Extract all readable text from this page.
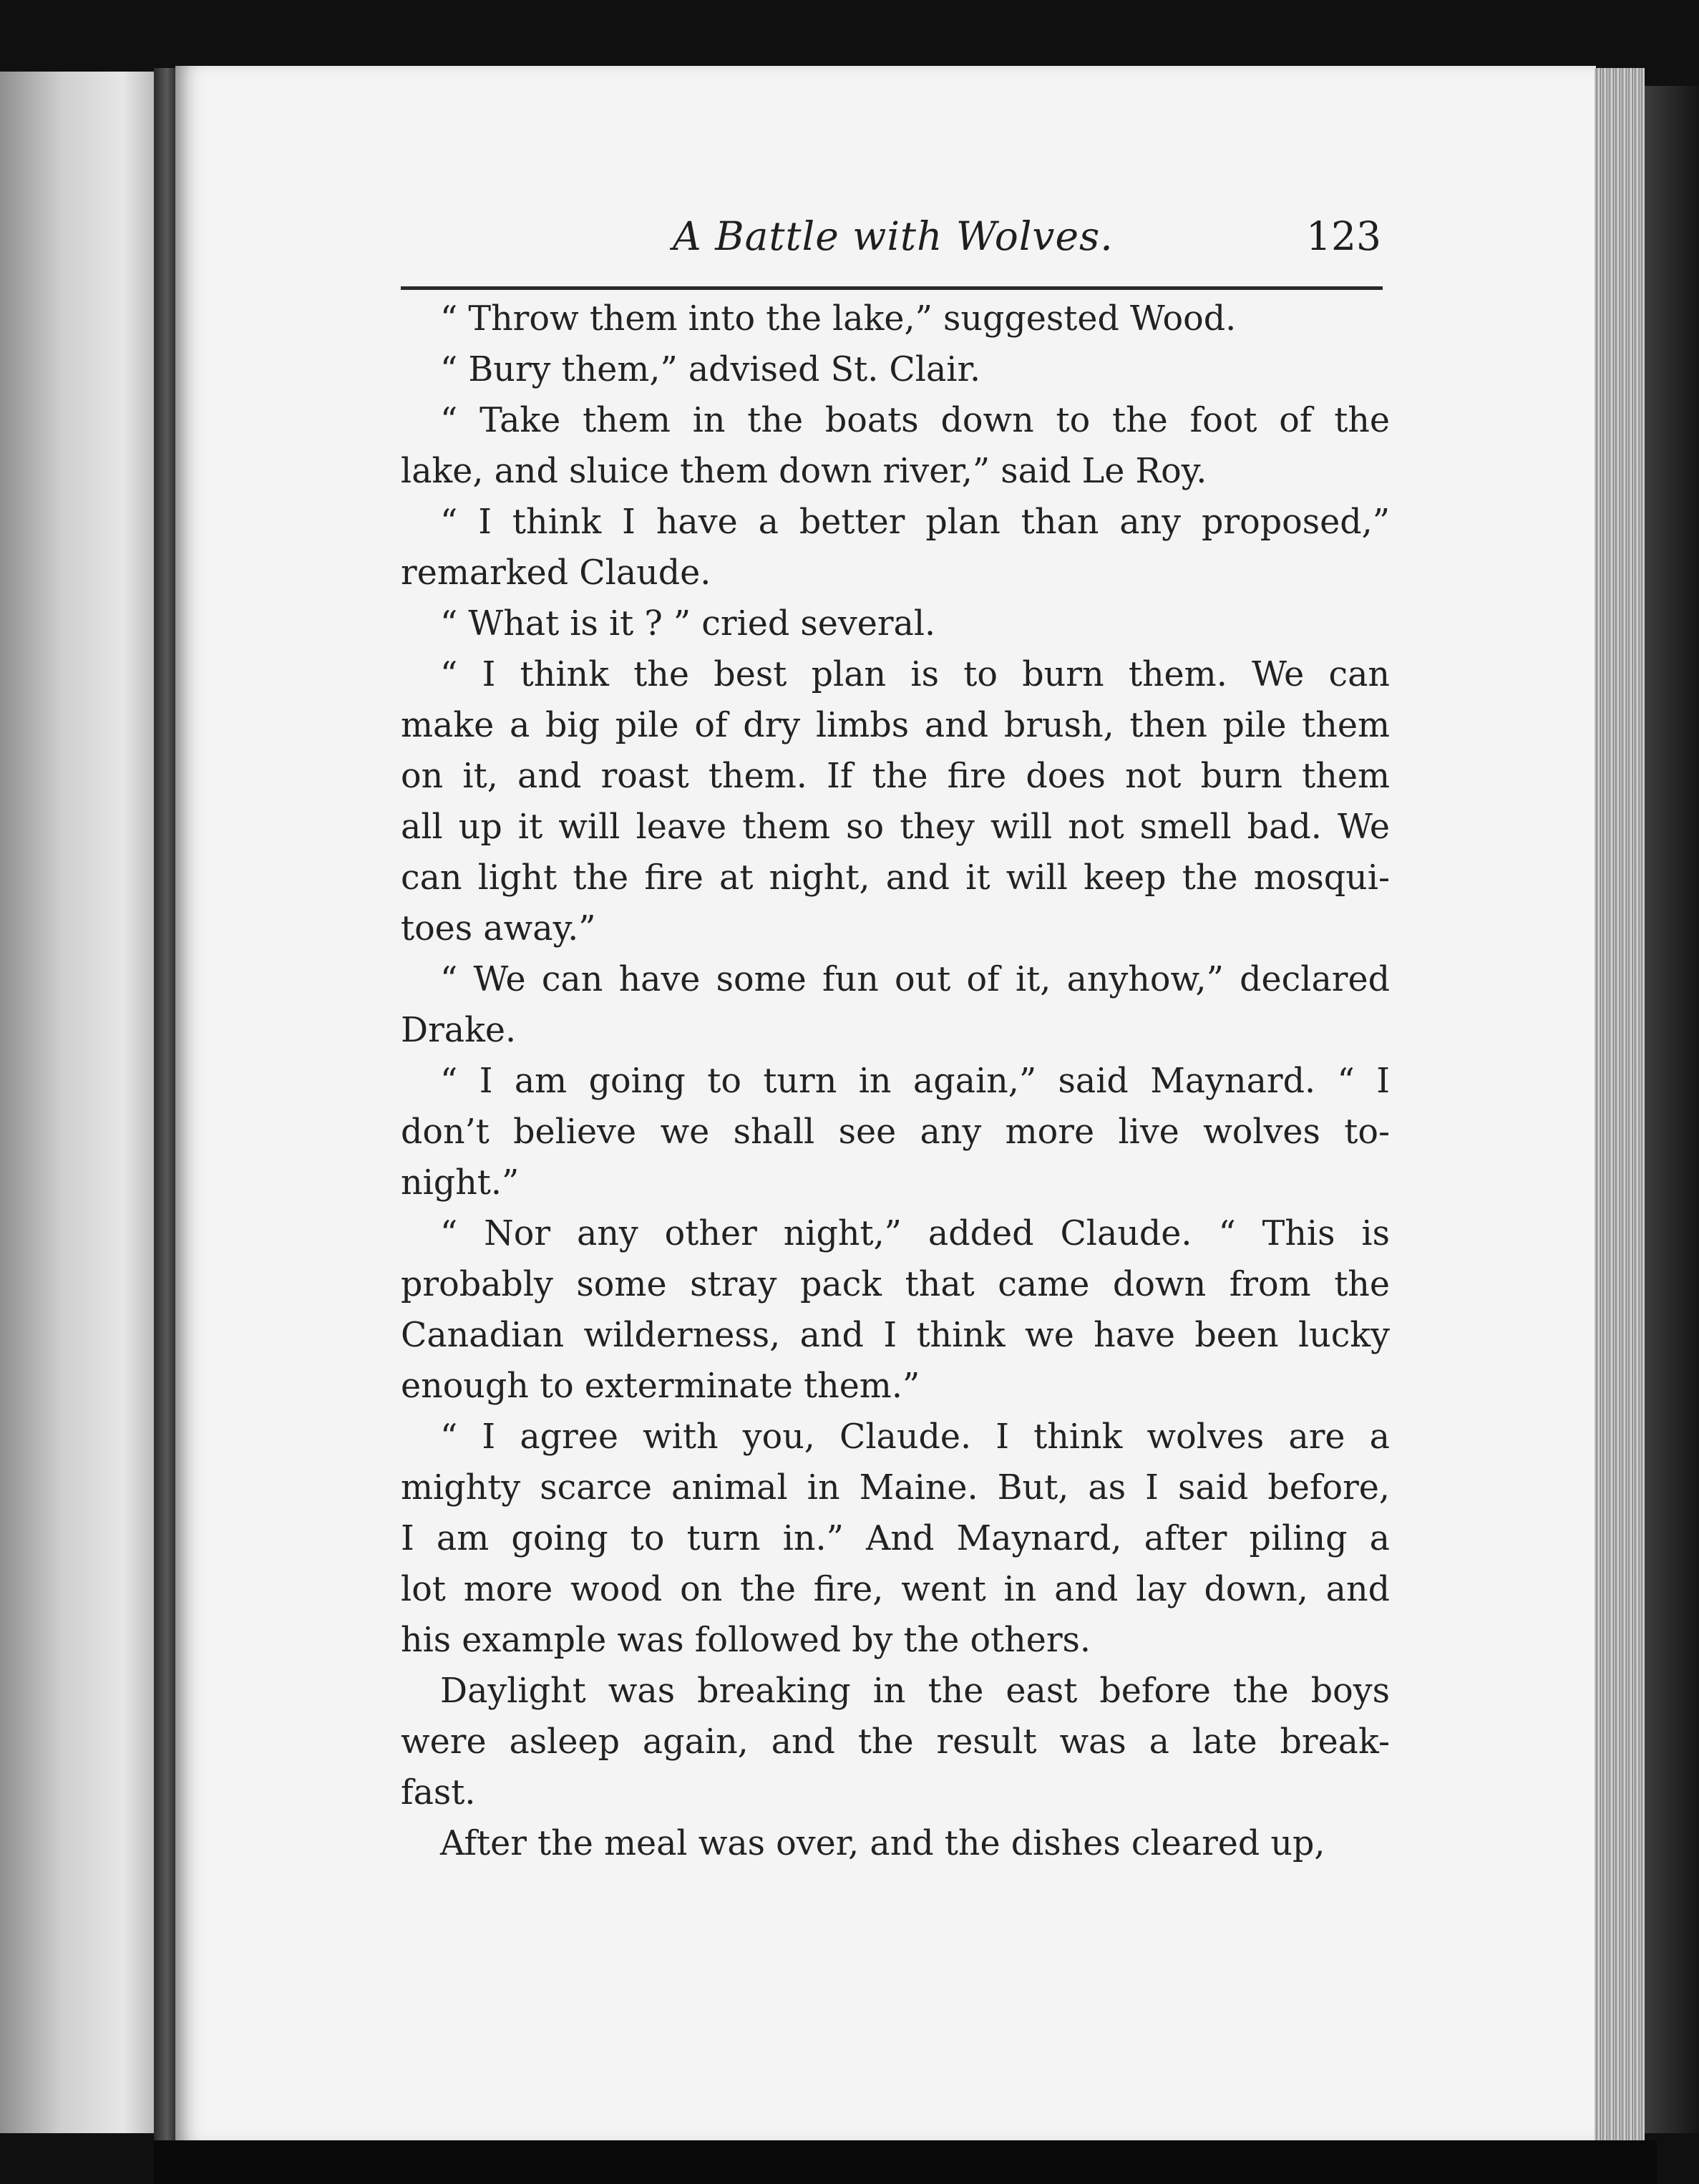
A Battle with Wolves.	123
“ Throw them into the lake,” suggested Wood.
“ Bury them,” advised St. Clair.
“ Take them in the boats down to the foot of the
lake, and sluice them down river,” said Le Roy.
“ I think I have a better plan than any proposed,”
remarked Claude.
“ What is it ? ” cried several.
“ I think the best plan is to burn them. We can
make a big pile of dry limbs and brush, then pile them
on it, and roast them. If the fire does not burn them
all up it will leave them so they will not smell bad. We
can light the fire at night, and it will keep the mosqui-
toes away.”
“ We can have some fun out of it, anyhow,” declared
Drake.
“ I am going to turn in again,” said Maynard. “ I
don’t believe we shall see any more live wolves to-
night.”
“ Nor any other night,” added Claude. “ This is
probably some stray pack that came down from the
Canadian wilderness, and I think we have been lucky
enough to exterminate them.”
“ I agree with you, Claude. I think wolves are a
mighty scarce animal in Maine. But, as I said before,
I am going to turn in.” And Maynard, after piling a
lot more wood on the fire, went in and lay down, and
his example was followed by the others.
Daylight was breaking in the east before the boys
were asleep again, and the result was a late break-
fast.
After the meal was over, and the dishes cleared up,
